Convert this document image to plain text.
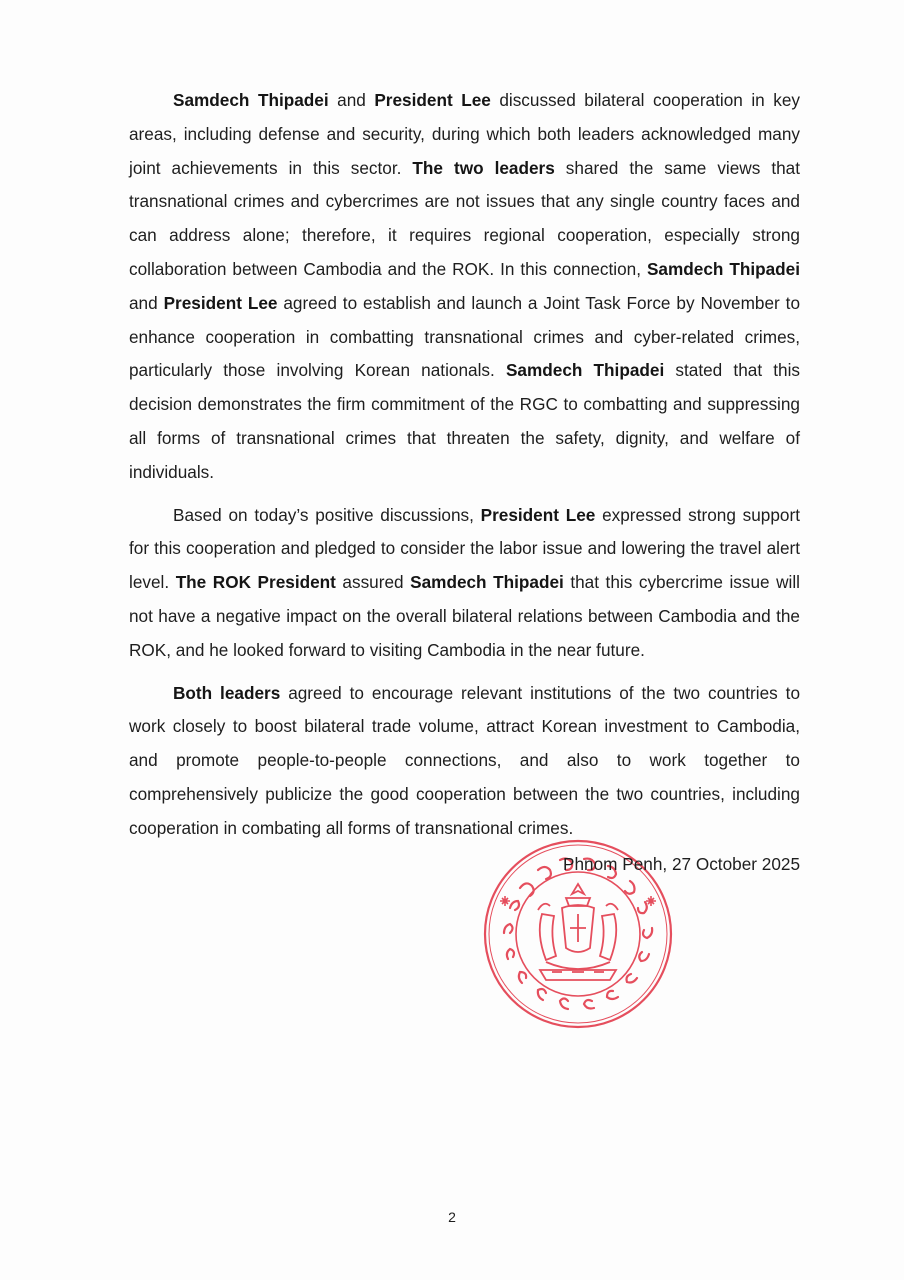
Samdech Thipadei and President Lee discussed bilateral cooperation in key areas, including defense and security, during which both leaders acknowledged many joint achievements in this sector. The two leaders shared the same views that transnational crimes and cybercrimes are not issues that any single country faces and can address alone; therefore, it requires regional cooperation, especially strong collaboration between Cambodia and the ROK. In this connection, Samdech Thipadei and President Lee agreed to establish and launch a Joint Task Force by November to enhance cooperation in combatting transnational crimes and cyber-related crimes, particularly those involving Korean nationals. Samdech Thipadei stated that this decision demonstrates the firm commitment of the RGC to combatting and suppressing all forms of transnational crimes that threaten the safety, dignity, and welfare of individuals.

Based on today’s positive discussions, President Lee expressed strong support for this cooperation and pledged to consider the labor issue and lowering the travel alert level. The ROK President assured Samdech Thipadei that this cybercrime issue will not have a negative impact on the overall bilateral relations between Cambodia and the ROK, and he looked forward to visiting Cambodia in the near future.

Both leaders agreed to encourage relevant institutions of the two countries to work closely to boost bilateral trade volume, attract Korean investment to Cambodia, and promote people-to-people connections, and also to work together to comprehensively publicize the good cooperation between the two countries, including cooperation in combating all forms of transnational crimes.

Phnom Penh, 27 October 2025
2
